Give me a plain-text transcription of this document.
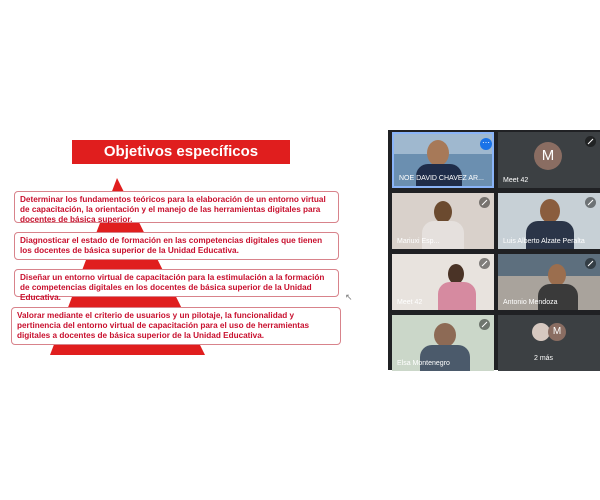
Objetivos específicos
Determinar los fundamentos teóricos para la elaboración de un entorno virtual de capacitación, la orientación y el manejo de las herramientas digitales para docentes de básica superior.
Diagnosticar el estado de formación en las competencias digitales que tienen los docentes de básica superior de la Unidad Educativa.
Diseñar un entorno virtual de capacitación para la estimulación a la formación de competencias digitales en los docentes de básica superior de la Unidad Educativa.
Valorar mediante el criterio de usuarios y un pilotaje, la funcionalidad y pertinencia del entorno virtual de capacitación para el uso de herramientas digitales a docentes de básica superior de la Unidad Educativa.
↖
⋯
NOE DAVID CHAVEZ AR...
M
Meet 42
Mariuxi Esp...	Luis Alberto Alzate Peralta
Meet 42	Antonio Mendoza
Elsa Montenegro
M
2 más
